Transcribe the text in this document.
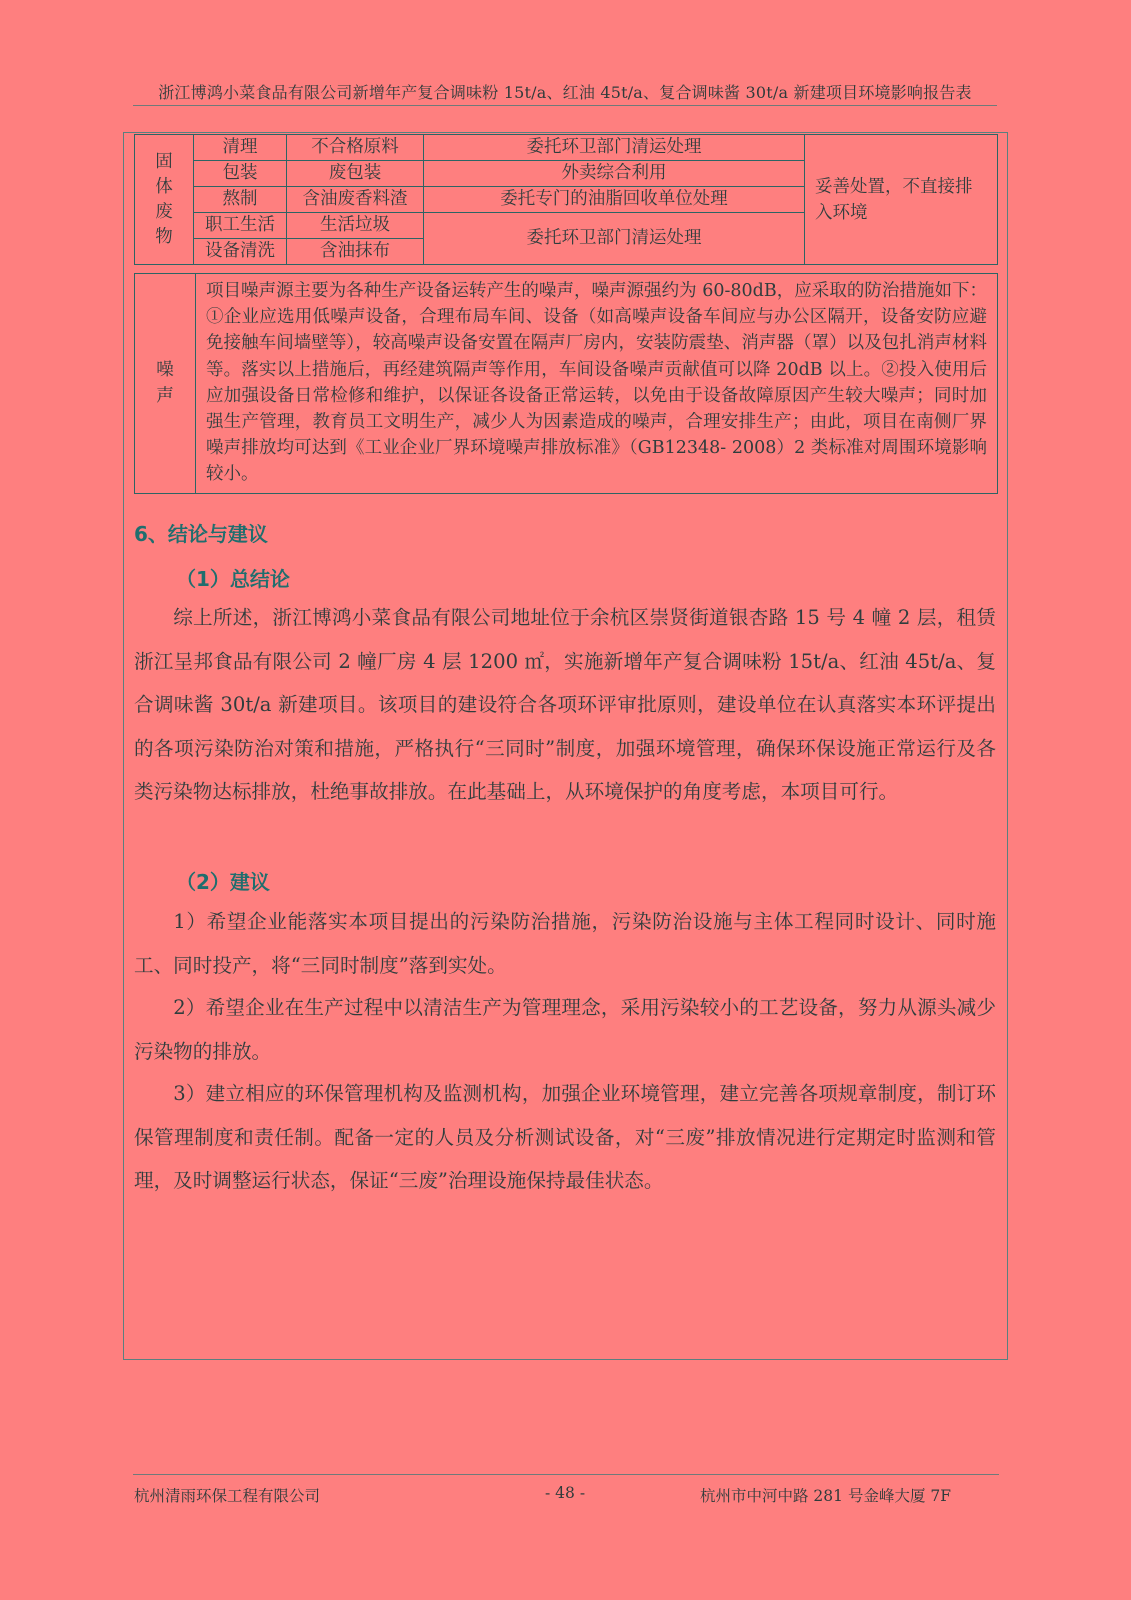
浙江博鸿小菜食品有限公司新增年产复合调味粉 15t/a、红油 45t/a、复合调味酱 30t/a 新建项目环境影响报告表
固
体
废
物	清理	不合格原料	委托环卫部门清运处理	妥善处置，不直接排入环境
	包装	废包装	外卖综合利用	
	熬制	含油废香料渣	委托专门的油脂回收单位处理	
	职工生活	生活垃圾	委托环卫部门清运处理	
	设备清洗	含油抹布		
噪
声	项目噪声源主要为各种生产设备运转产生的噪声，噪声源强约为 60-80dB，应采取的防治措施如下：①企业应选用低噪声设备，合理布局车间、设备（如高噪声设备车间应与办公区隔开，设备安防应避免接触车间墙壁等），较高噪声设备安置在隔声厂房内，安装防震垫、消声器（罩）以及包扎消声材料等。落实以上措施后，再经建筑隔声等作用，车间设备噪声贡献值可以降 20dB 以上。②投入使用后应加强设备日常检修和维护，以保证各设备正常运转，以免由于设备故障原因产生较大噪声；同时加强生产管理，教育员工文明生产，减少人为因素造成的噪声，合理安排生产；由此，项目在南侧厂界噪声排放均可达到《工业企业厂界环境噪声排放标准》（GB12348- 2008）2 类标准对周围环境影响较小。
6、结论与建议
（1）总结论
综上所述，浙江博鸿小菜食品有限公司地址位于余杭区崇贤街道银杏路 15 号 4 幢 2 层，租赁浙江呈邦食品有限公司 2 幢厂房 4 层 1200 ㎡，实施新增年产复合调味粉 15t/a、红油 45t/a、复合调味酱 30t/a 新建项目。该项目的建设符合各项环评审批原则，建设单位在认真落实本环评提出的各项污染防治对策和措施，严格执行“三同时”制度，加强环境管理，确保环保设施正常运行及各类污染物达标排放，杜绝事故排放。在此基础上，从环境保护的角度考虑，本项目可行。
（2）建议
1）希望企业能落实本项目提出的污染防治措施，污染防治设施与主体工程同时设计、同时施工、同时投产，将“三同时制度”落到实处。
2）希望企业在生产过程中以清洁生产为管理理念，采用污染较小的工艺设备，努力从源头减少污染物的排放。
3）建立相应的环保管理机构及监测机构，加强企业环境管理，建立完善各项规章制度，制订环保管理制度和责任制。配备一定的人员及分析测试设备，对“三废”排放情况进行定期定时监测和管理，及时调整运行状态，保证“三废”治理设施保持最佳状态。
杭州清雨环保工程有限公司	- 48 -	杭州市中河中路 281 号金峰大厦 7F
